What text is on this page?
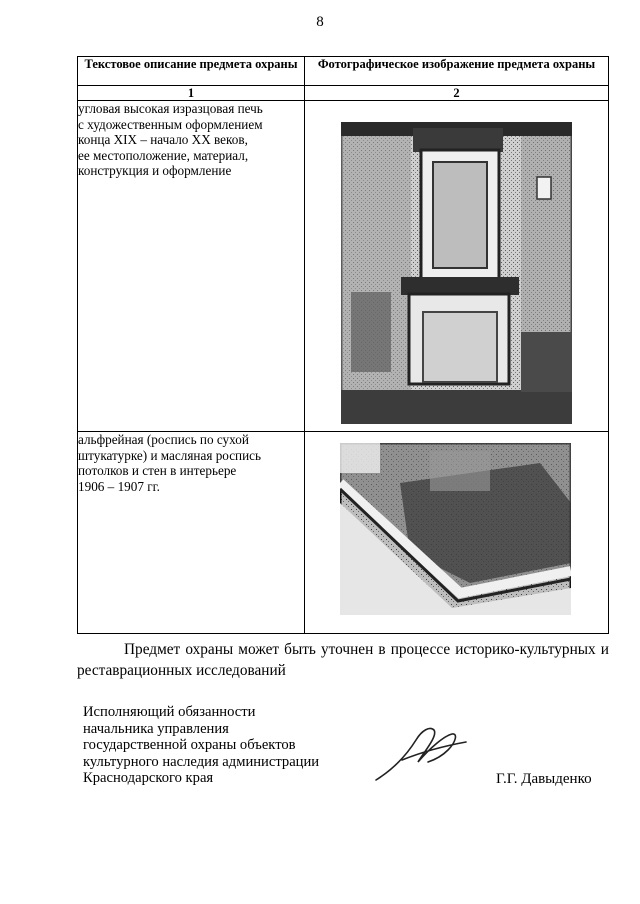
8
Текстовое описание предмета охраны	Фотографическое изображение предмета охраны
1	2

угловая высокая изразцовая печь
с художественным оформлением
конца XIX – начало XX веков,
ее местоположение, материал,
конструкция и оформление

альфрейная (роспись по сухой
штукатурке) и масляная роспись
потолков и стен в интерьере
1906 – 1907 гг.

Предмет охраны может быть уточнен в процессе историко-культурных и реставрационных исследований
Исполняющий обязанности
начальника управления
государственной охраны объектов
культурного наследия администрации
Краснодарского края	Г.Г. Давыденко
